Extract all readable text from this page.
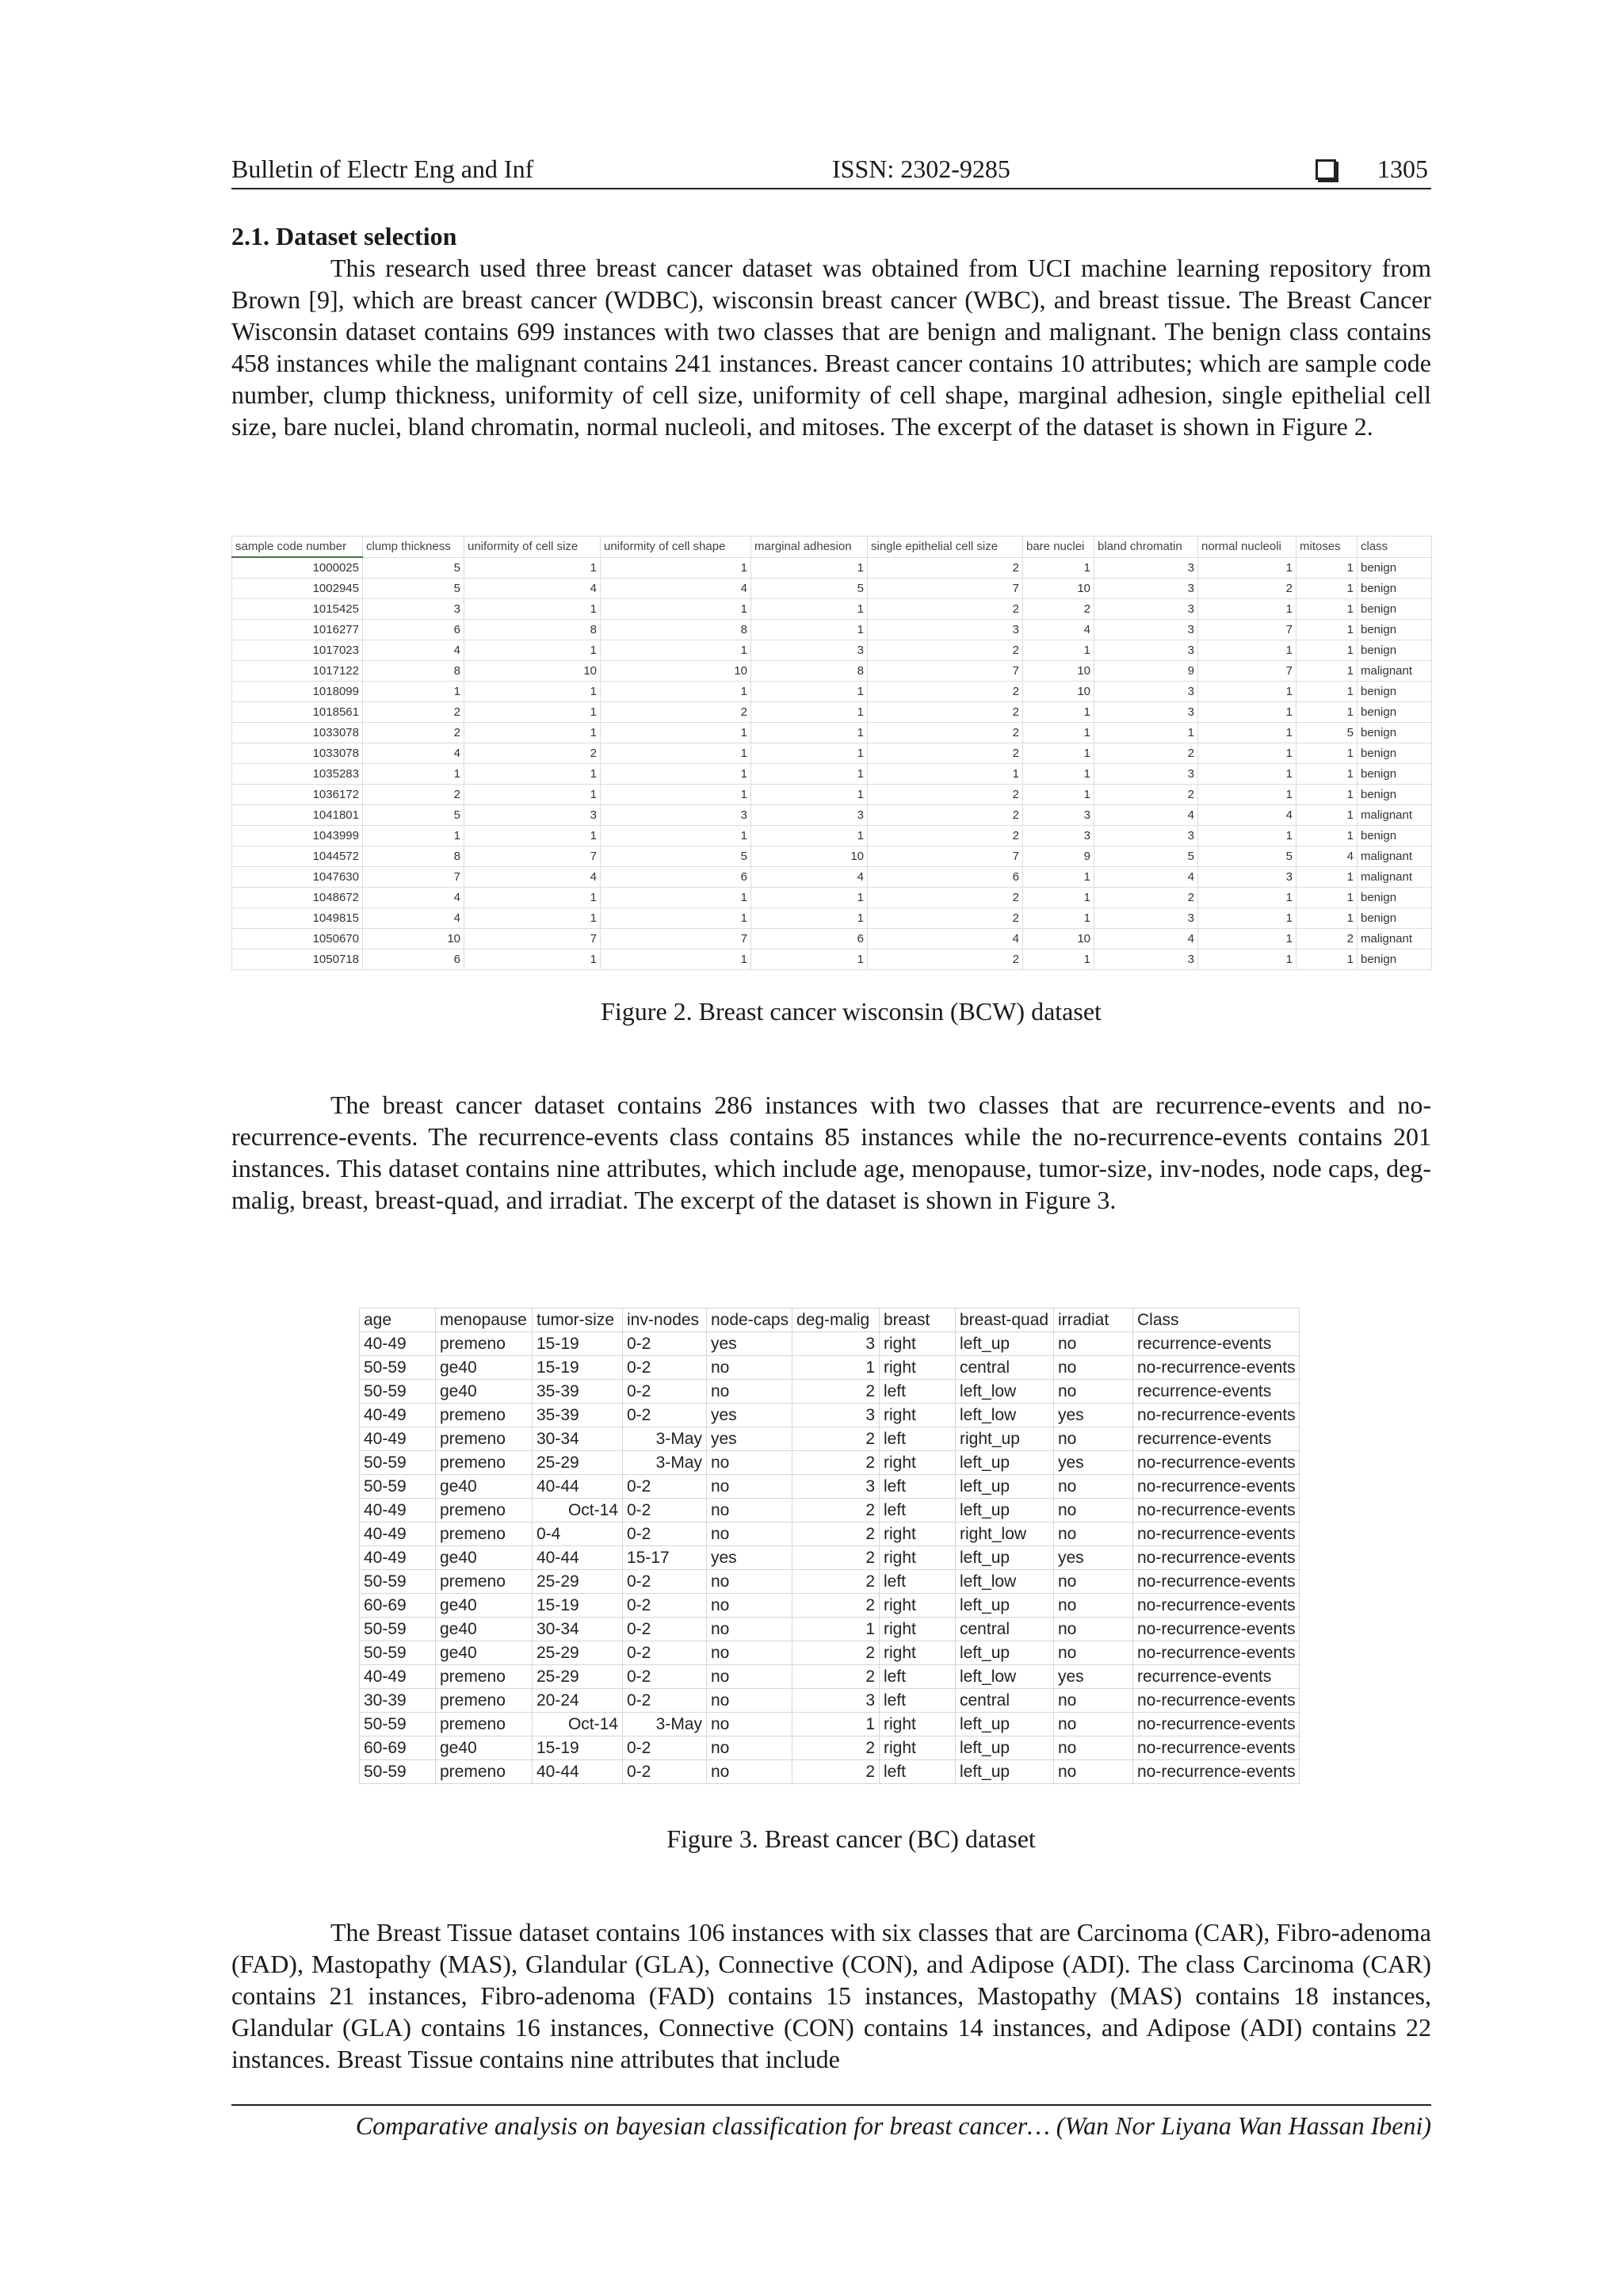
Bulletin of Electr Eng and Inf	ISSN: 2302-9285	1305
2.1. Dataset selection

This research used three breast cancer dataset was obtained from UCI machine learning repository from Brown [9], which are breast cancer (WDBC), wisconsin breast cancer (WBC), and breast tissue. The Breast Cancer Wisconsin dataset contains 699 instances with two classes that are benign and malignant. The benign class contains 458 instances while the malignant contains 241 instances. Breast cancer contains 10 attributes; which are sample code number, clump thickness, uniformity of cell size, uniformity of cell shape, marginal adhesion, single epithelial cell size, bare nuclei, bland chromatin, normal nucleoli, and mitoses. The excerpt of the dataset is shown in Figure 2.

sample code number	clump thickness	uniformity of cell size	uniformity of cell shape	marginal adhesion	single epithelial cell size	bare nuclei	bland chromatin	normal nucleoli	mitoses	class
1000025	5	1	1	1	2	1	3	1	1	benign
1002945	5	4	4	5	7	10	3	2	1	benign
1015425	3	1	1	1	2	2	3	1	1	benign
1016277	6	8	8	1	3	4	3	7	1	benign
1017023	4	1	1	3	2	1	3	1	1	benign
1017122	8	10	10	8	7	10	9	7	1	malignant
1018099	1	1	1	1	2	10	3	1	1	benign
1018561	2	1	2	1	2	1	3	1	1	benign
1033078	2	1	1	1	2	1	1	1	5	benign
1033078	4	2	1	1	2	1	2	1	1	benign
1035283	1	1	1	1	1	1	3	1	1	benign
1036172	2	1	1	1	2	1	2	1	1	benign
1041801	5	3	3	3	2	3	4	4	1	malignant
1043999	1	1	1	1	2	3	3	1	1	benign
1044572	8	7	5	10	7	9	5	5	4	malignant
1047630	7	4	6	4	6	1	4	3	1	malignant
1048672	4	1	1	1	2	1	2	1	1	benign
1049815	4	1	1	1	2	1	3	1	1	benign
1050670	10	7	7	6	4	10	4	1	2	malignant
1050718	6	1	1	1	2	1	3	1	1	benign
Figure 2. Breast cancer wisconsin (BCW) dataset

The breast cancer dataset contains 286 instances with two classes that are recurrence-events and no-recurrence-events. The recurrence-events class contains 85 instances while the no-recurrence-events contains 201 instances. This dataset contains nine attributes, which include age, menopause, tumor-size, inv-nodes, node caps, deg-malig, breast, breast-quad, and irradiat. The excerpt of the dataset is shown in Figure 3.

age	menopause	tumor-size	inv-nodes	node-caps	deg-malig	breast	breast-quad	irradiat	Class
40-49	premeno	15-19	0-2	yes	3	right	left_up	no	recurrence-events
50-59	ge40	15-19	0-2	no	1	right	central	no	no-recurrence-events
50-59	ge40	35-39	0-2	no	2	left	left_low	no	recurrence-events
40-49	premeno	35-39	0-2	yes	3	right	left_low	yes	no-recurrence-events
40-49	premeno	30-34	3-May	yes	2	left	right_up	no	recurrence-events
50-59	premeno	25-29	3-May	no	2	right	left_up	yes	no-recurrence-events
50-59	ge40	40-44	0-2	no	3	left	left_up	no	no-recurrence-events
40-49	premeno	Oct-14	0-2	no	2	left	left_up	no	no-recurrence-events
40-49	premeno	0-4	0-2	no	2	right	right_low	no	no-recurrence-events
40-49	ge40	40-44	15-17	yes	2	right	left_up	yes	no-recurrence-events
50-59	premeno	25-29	0-2	no	2	left	left_low	no	no-recurrence-events
60-69	ge40	15-19	0-2	no	2	right	left_up	no	no-recurrence-events
50-59	ge40	30-34	0-2	no	1	right	central	no	no-recurrence-events
50-59	ge40	25-29	0-2	no	2	right	left_up	no	no-recurrence-events
40-49	premeno	25-29	0-2	no	2	left	left_low	yes	recurrence-events
30-39	premeno	20-24	0-2	no	3	left	central	no	no-recurrence-events
50-59	premeno	Oct-14	3-May	no	1	right	left_up	no	no-recurrence-events
60-69	ge40	15-19	0-2	no	2	right	left_up	no	no-recurrence-events
50-59	premeno	40-44	0-2	no	2	left	left_up	no	no-recurrence-events
Figure 3. Breast cancer (BC) dataset

The Breast Tissue dataset contains 106 instances with six classes that are Carcinoma (CAR), Fibro-adenoma (FAD), Mastopathy (MAS), Glandular (GLA), Connective (CON), and Adipose (ADI). The class Carcinoma (CAR) contains 21 instances, Fibro-adenoma (FAD) contains 15 instances, Mastopathy (MAS) contains 18 instances, Glandular (GLA) contains 16 instances, Connective (CON) contains 14 instances, and Adipose (ADI) contains 22 instances. Breast Tissue contains nine attributes that include

Comparative analysis on bayesian classification for breast cancer… (Wan Nor Liyana Wan Hassan Ibeni)
